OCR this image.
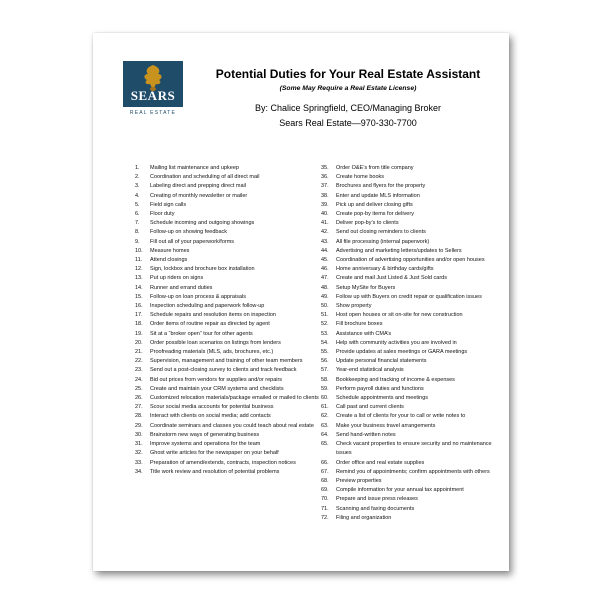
SEARS
REAL ESTATE
Potential Duties for Your Real Estate Assistant
(Some May Require a Real Estate License)
By: Chalice Springfield, CEO/Managing Broker
Sears Real Estate—970-330-7700
1.	Mailing list maintenance and upkeep
2.	Coordination and scheduling of all direct mail
3.	Labeling direct and prepping direct mail
4.	Creating of monthly newsletter or mailer
5.	Field sign calls
6.	Floor duty
7.	Schedule incoming and outgoing showings
8.	Follow-up on showing feedback
9.	Fill out all of your paperwork/forms
10.	Measure homes
11.	Attend closings
12.	Sign, lockbox and brochure box installation
13.	Put up riders on signs
14.	Runner and errand duties
15.	Follow-up on loan process & appraisals
16.	Inspection scheduling and paperwork follow-up
17.	Schedule repairs and resolution items on inspection
18.	Order items of routine repair as directed by agent
19.	Sit at a “broker open” tour for other agents
20.	Order possible loan scenarios on listings from lenders
21.	Proofreading materials (MLS, ads, brochures, etc.)
22.	Supervision, management and training of other team members
23.	Send out a post-closing survey to clients and track feedback
24.	Bid out prices from vendors for supplies and/or repairs
25.	Create and maintain your CRM systems and checklists
26.	Customized relocation materials/package emailed or mailed to clients
27.	Scour social media accounts for potential business
28.	Interact with clients on social media; add contacts
29.	Coordinate seminars and classes you could teach about real estate
30.	Brainstorm new ways of generating business
31.	Improve systems and operations for the team
32.	Ghost write articles for the newspaper on your behalf
33.	Preparation of amend/extends, contracts, inspection notices
34.	Title work review and resolution of potential problems
35.	Order O&E’s from title company
36.	Create home books
37.	Brochures and flyers for the property
38.	Enter and update MLS information
39.	Pick up and deliver closing gifts
40.	Create pop-by items for delivery
41.	Deliver pop-by’s to clients
42.	Send out closing reminders to clients
43.	All file processing (internal paperwork)
44.	Advertising and marketing letters/updates to Sellers
45.	Coordination of advertising opportunities and/or open houses
46.	Home anniversary & birthday cards/gifts
47.	Create and mail Just Listed & Just Sold cards
48.	Setup MySite for Buyers
49.	Follow up with Buyers on credit repair or qualification issues
50.	Show property
51.	Host open houses or sit on-site for new construction
52.	Fill brochure boxes
53.	Assistance with CMA’s
54.	Help with community activities you are involved in
55.	Provide updates at sales meetings or GARA meetings
56.	Update personal financial statements
57.	Year-end statistical analysis
58.	Bookkeeping and tracking of income & expenses
59.	Perform payroll duties and functions
60.	Schedule appointments and meetings
61.	Call past and current clients
62.	Create a list of clients for your to call or write notes to
63.	Make your business travel arrangements
64.	Send hand-written notes
65.	Check vacant properties to ensure security and no maintenance issues
66.	Order office and real estate supplies
67.	Remind you of appointments; confirm appointments with others
68.	Preview properties
69.	Compile information for your annual tax appointment
70.	Prepare and issue press releases
71.	Scanning and faxing documents
72.	Filing and organization
